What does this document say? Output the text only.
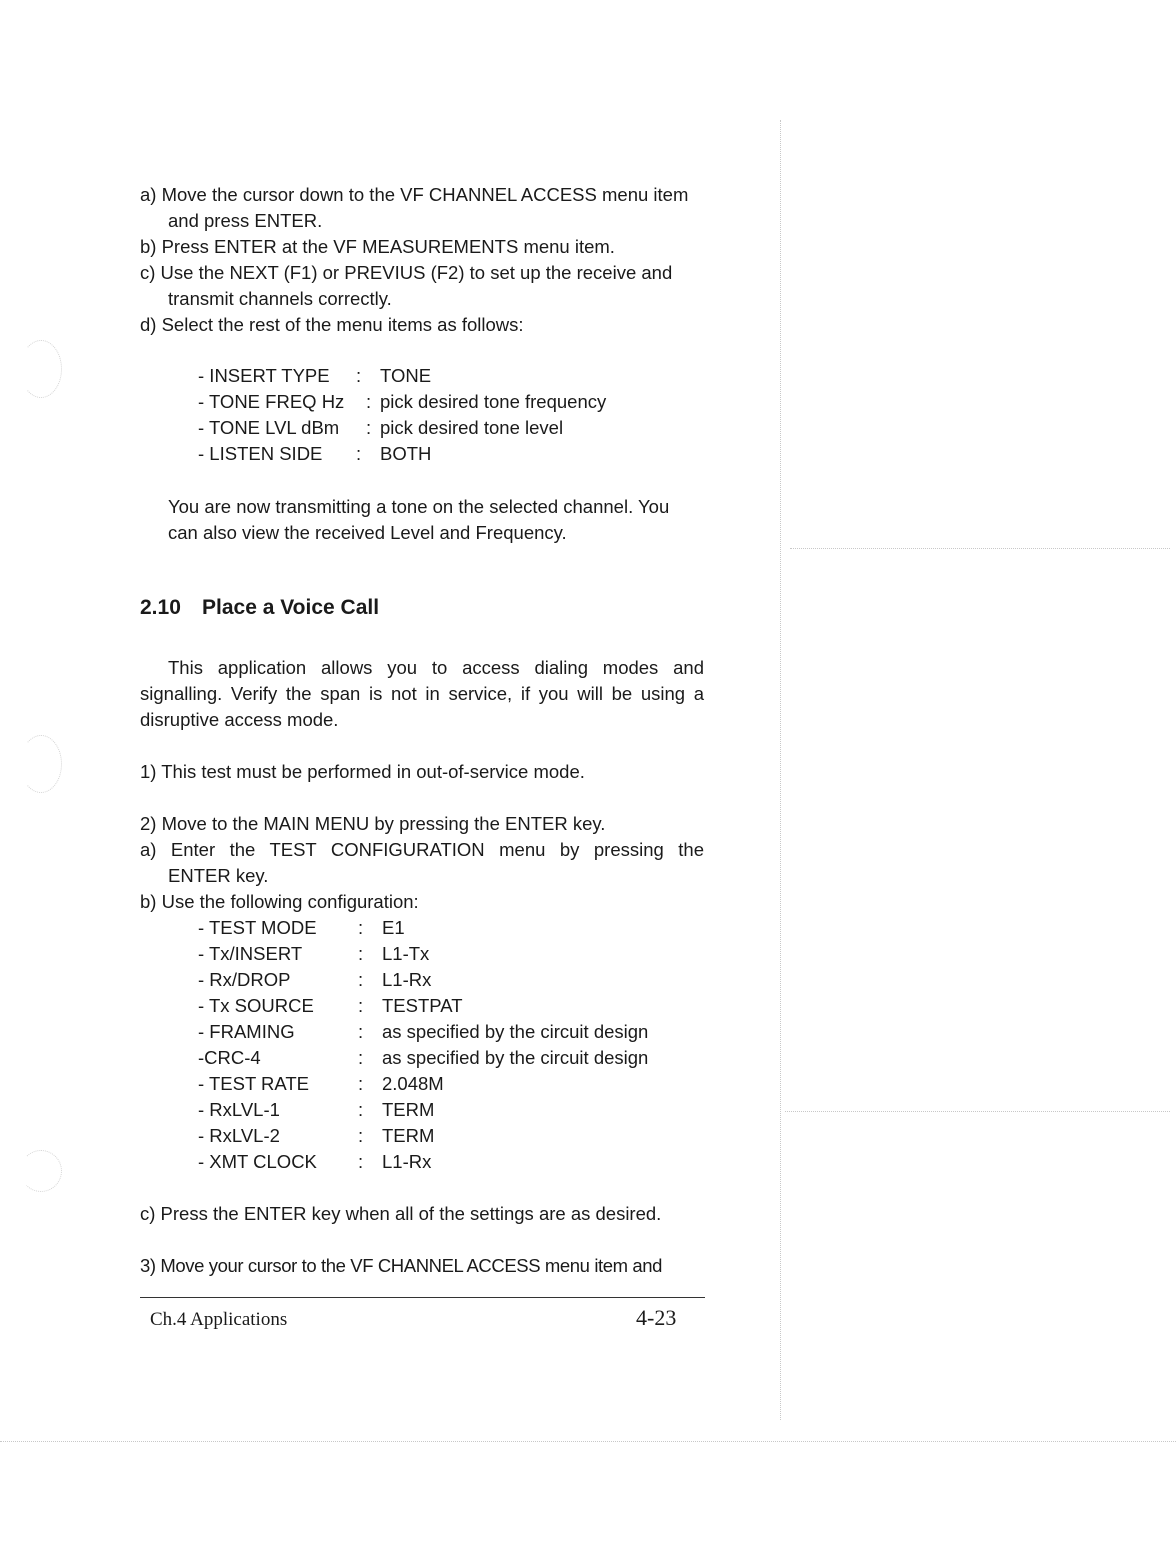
a) Move the cursor down to the VF CHANNEL ACCESS menu item
and press ENTER.
b) Press ENTER at the VF MEASUREMENTS menu item.
c) Use the NEXT (F1) or PREVIUS (F2) to set up the receive and
transmit channels correctly.
d) Select the rest of the menu items as follows:
- INSERT TYPE : TONE
- TONE FREQ Hz : pick desired tone frequency
- TONE LVL dBm : pick desired tone level
- LISTEN SIDE : BOTH
You are now transmitting a tone on the selected channel. You
can also view the received Level and Frequency.
2.10 Place a Voice Call
This application allows you to access dialing modes and
signalling. Verify the span is not in service, if you will be using a
disruptive access mode.
1) This test must be performed in out-of-service mode.
2) Move to the MAIN MENU by pressing the ENTER key.
a) Enter the TEST CONFIGURATION menu by pressing the
ENTER key.
b) Use the following configuration:
- TEST MODE : E1
- Tx/INSERT	: L1-Tx
- Rx/DROP	: L1-Rx
- Tx SOURCE : TESTPAT
- FRAMING	: as specified by the circuit design
-CRC-4	: as specified by the circuit design
- TEST RATE	: 2.048M
- RxLVL-1	: TERM
- RxLVL-2	: TERM
- XMT CLOCK : L1-Rx
c) Press the ENTER key when all of the settings are as desired.
3) Move your cursor to the VF CHANNEL ACCESS menu item and
Ch.4 Applications	4-23
